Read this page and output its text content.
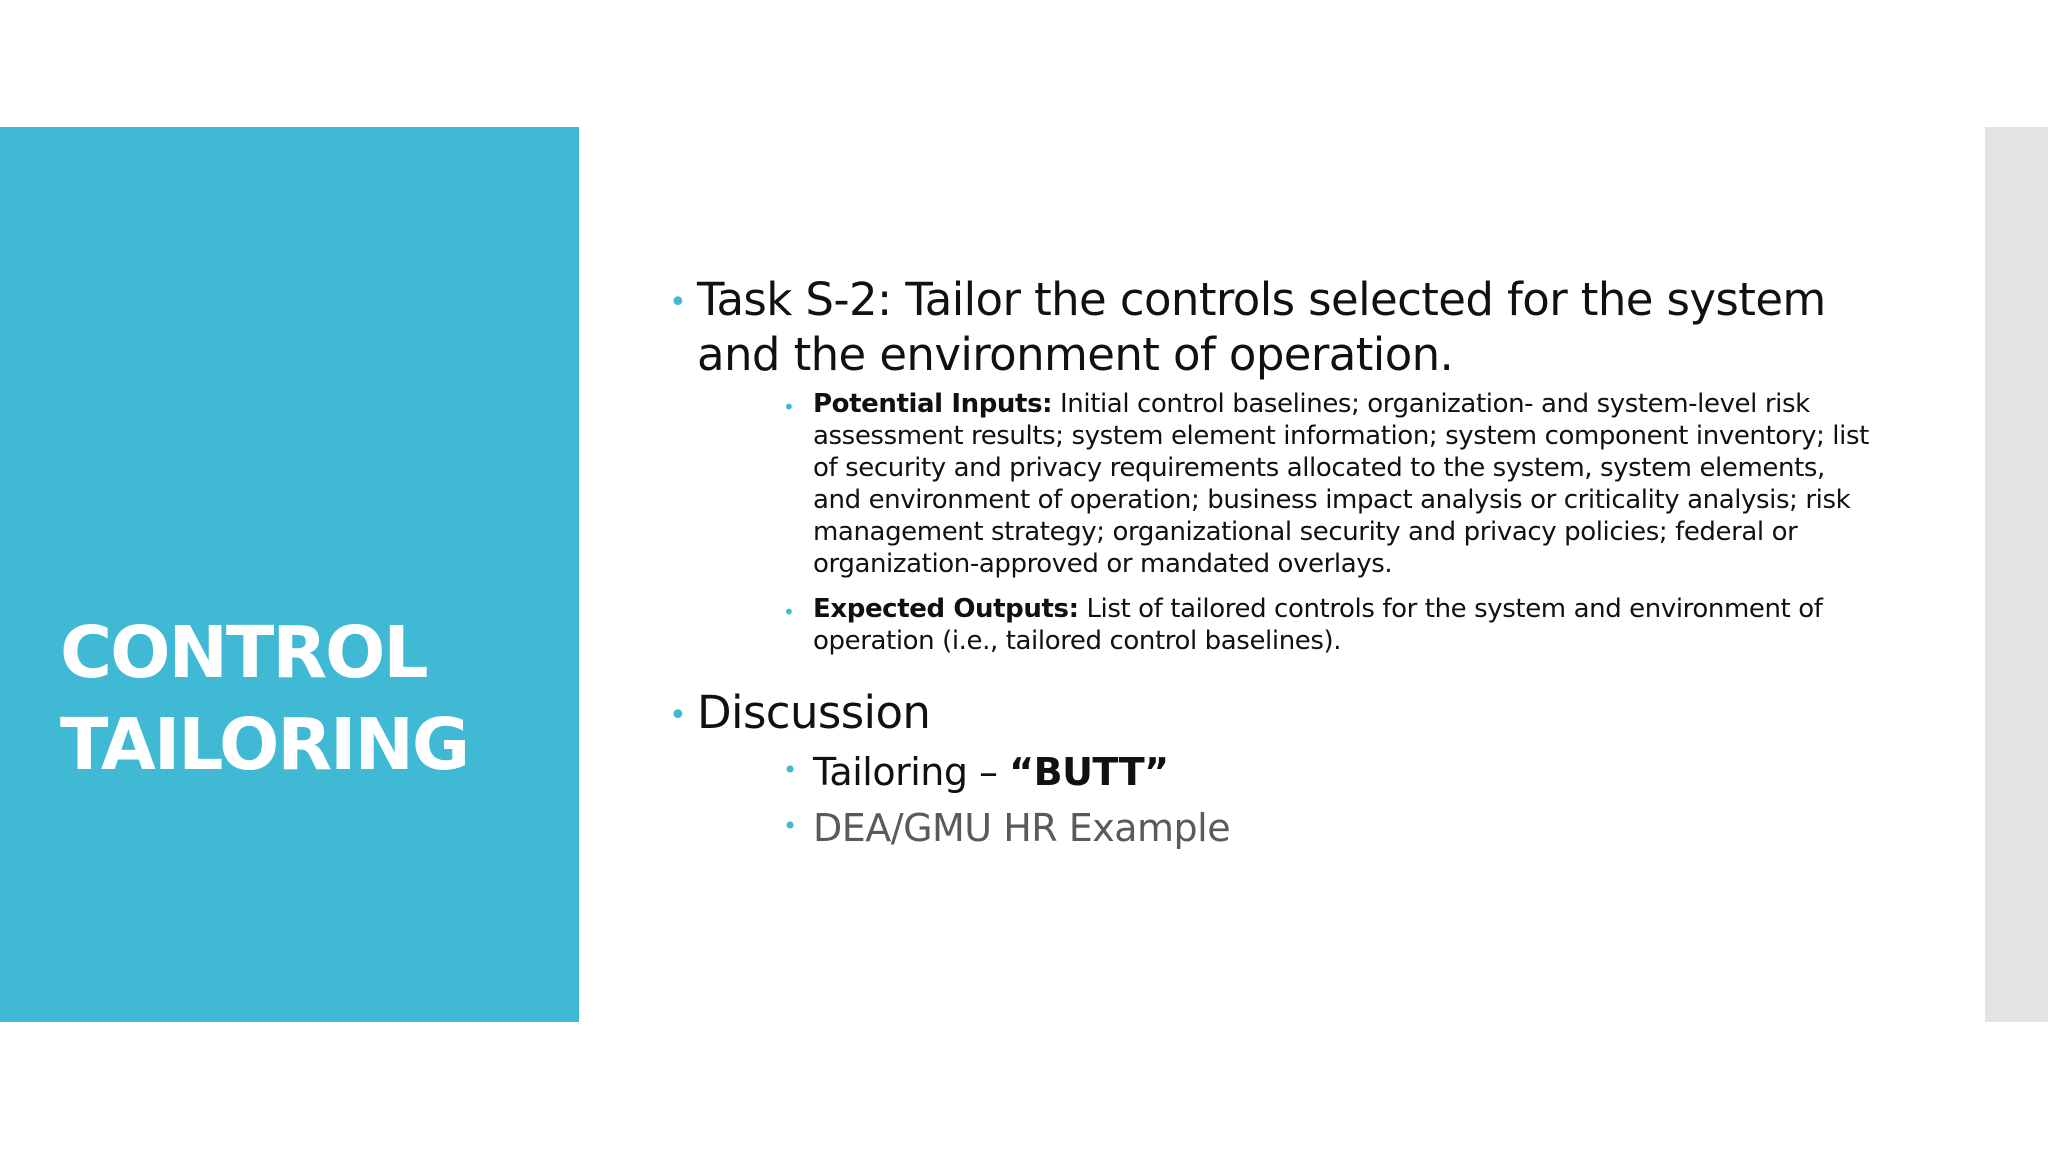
CONTROL
TAILORING
• Task S-2: Tailor the controls selected for the system and the environment of operation.
• Potential Inputs: Initial control baselines; organization- and system-level risk assessment results; system element information; system component inventory; list of security and privacy requirements allocated to the system, system elements, and environment of operation; business impact analysis or criticality analysis; risk management strategy; organizational security and privacy policies; federal or organization-approved or mandated overlays.
• Expected Outputs: List of tailored controls for the system and environment of operation (i.e., tailored control baselines).
• Discussion
• Tailoring – “BUTT”
• DEA/GMU HR Example
